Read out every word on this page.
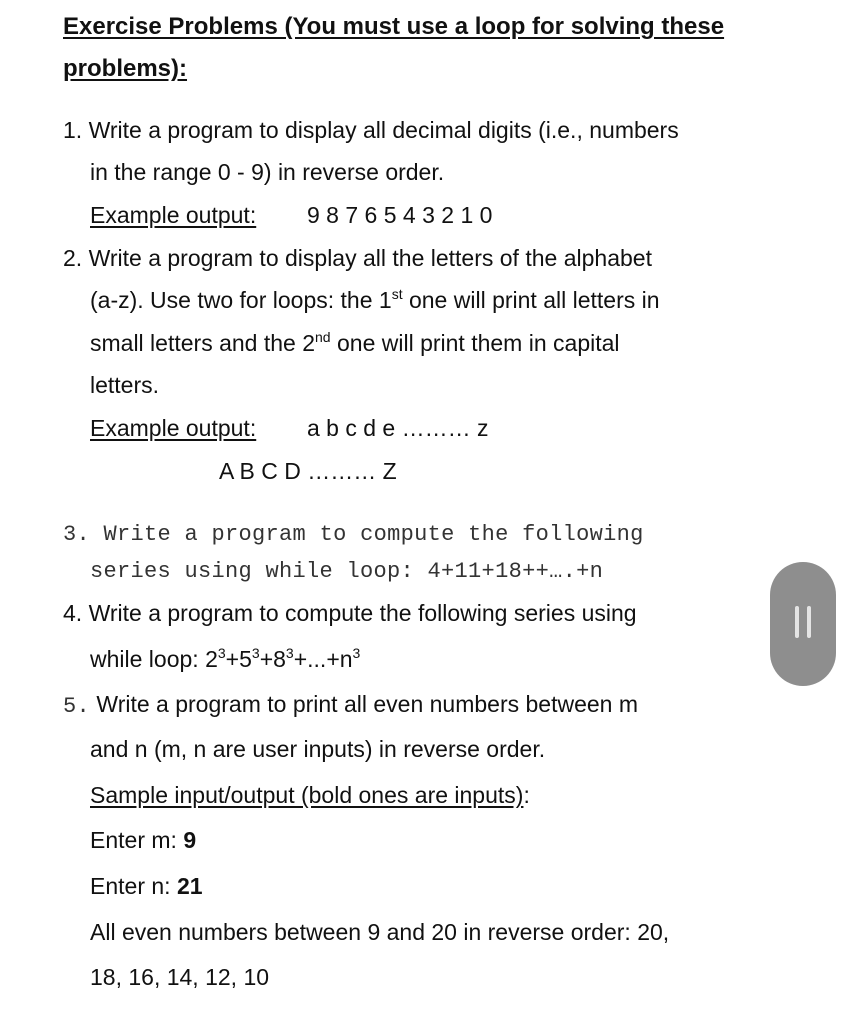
Exercise Problems (You must use a loop for solving these
problems):
1. Write a program to display all decimal digits (i.e., numbers
in the range 0 - 9) in reverse order.
Example output: 9 8 7 6 5 4 3 2 1 0
2. Write a program to display all the letters of the alphabet
(a-z). Use two for loops: the 1st one will print all letters in
small letters and the 2nd one will print them in capital
letters.
Example output: a b c d e ……… z
A B C D ……… Z
3. Write a program to compute the following
series using while loop: 4+11+18++….+n
4. Write a program to compute the following series using
while loop: $2^3+5^3+8^3+...+n^3$
5. Write a program to print all even numbers between m
and n (m, n are user inputs) in reverse order.
Sample input/output (bold ones are inputs):
Enter m: 9
Enter n: 21
All even numbers between 9 and 20 in reverse order: 20,
18, 16, 14, 12, 10
